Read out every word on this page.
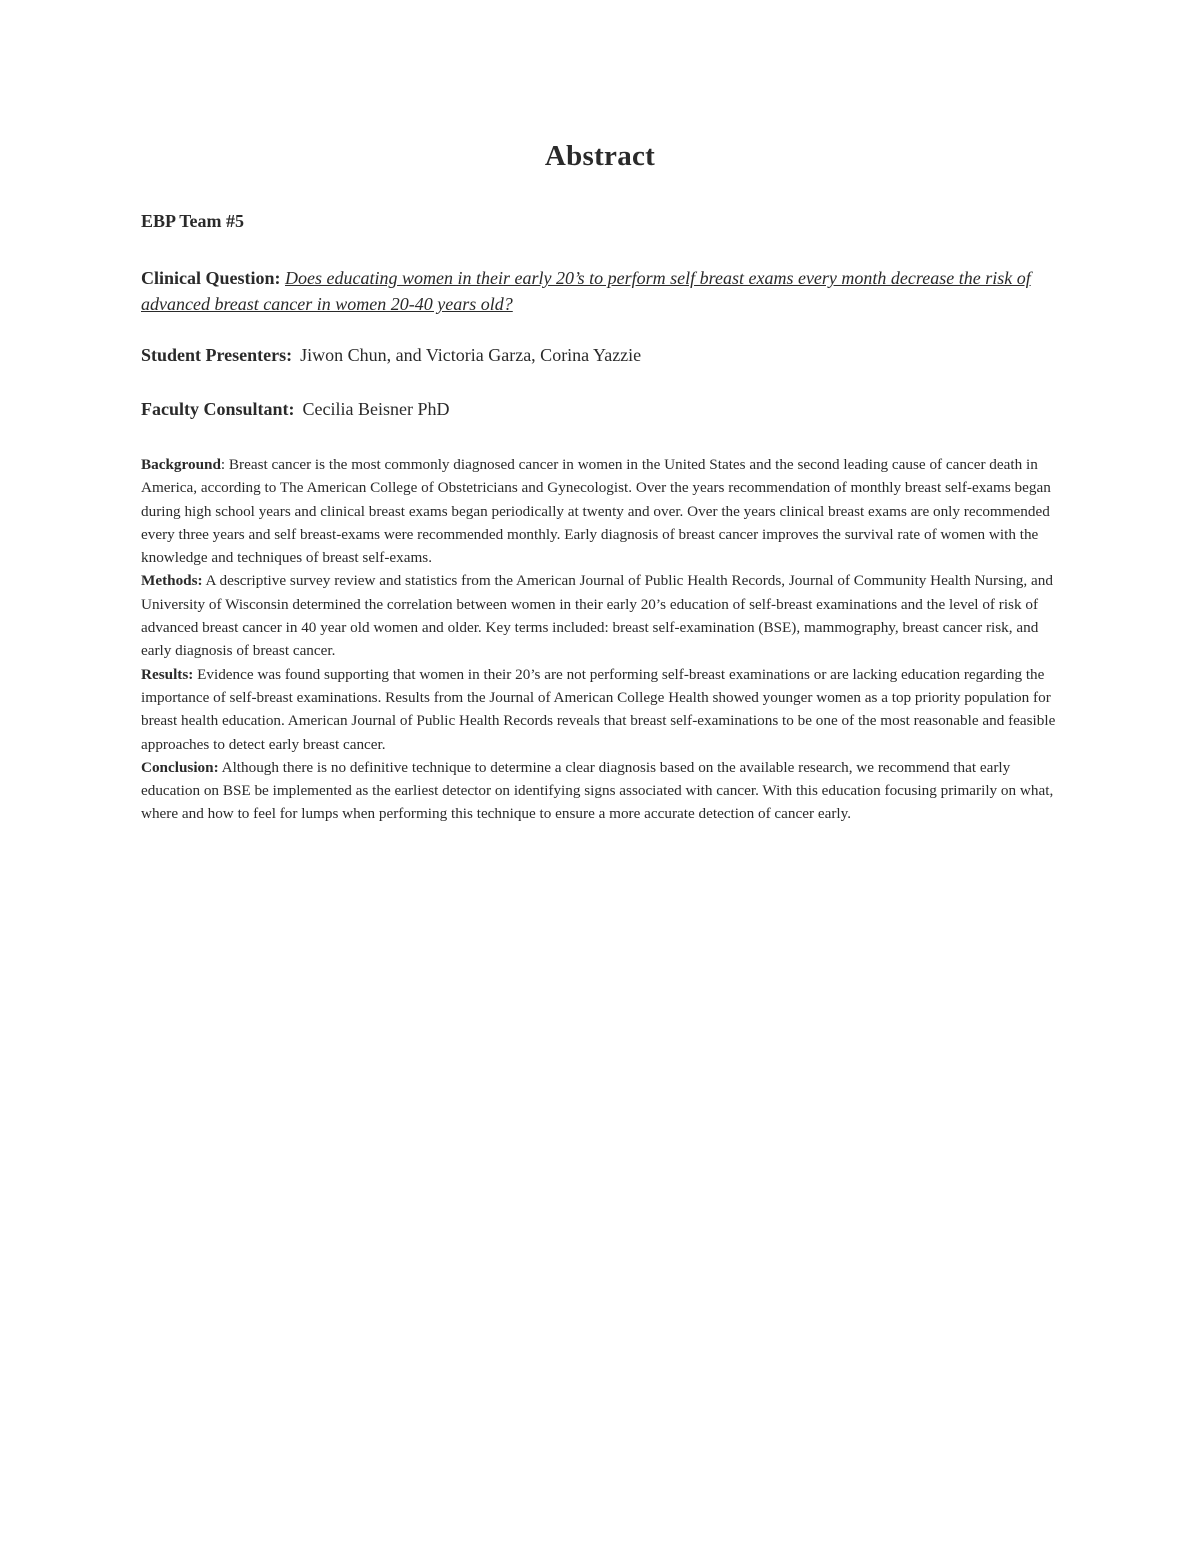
Abstract
EBP Team #5
Clinical Question: Does educating women in their early 20’s to perform self breast exams every month decrease the risk of advanced breast cancer in women 20-40 years old?
Student Presenters: Jiwon Chun, and Victoria Garza, Corina Yazzie
Faculty Consultant: Cecilia Beisner PhD

Background: Breast cancer is the most commonly diagnosed cancer in women in the United States and the second leading cause of cancer death in America, according to The American College of Obstetricians and Gynecologist. Over the years recommendation of monthly breast self-exams began during high school years and clinical breast exams began periodically at twenty and over. Over the years clinical breast exams are only recommended every three years and self breast-exams were recommended monthly. Early diagnosis of breast cancer improves the survival rate of women with the knowledge and techniques of breast self-exams.

Methods: A descriptive survey review and statistics from the American Journal of Public Health Records, Journal of Community Health Nursing, and University of Wisconsin determined the correlation between women in their early 20’s education of self-breast examinations and the level of risk of advanced breast cancer in 40 year old women and older. Key terms included: breast self-examination (BSE), mammography, breast cancer risk, and early diagnosis of breast cancer.

Results: Evidence was found supporting that women in their 20’s are not performing self-breast examinations or are lacking education regarding the importance of self-breast examinations. Results from the Journal of American College Health showed younger women as a top priority population for breast health education. American Journal of Public Health Records reveals that breast self-examinations to be one of the most reasonable and feasible approaches to detect early breast cancer.

Conclusion: Although there is no definitive technique to determine a clear diagnosis based on the available research, we recommend that early education on BSE be implemented as the earliest detector on identifying signs associated with cancer. With this education focusing primarily on what, where and how to feel for lumps when performing this technique to ensure a more accurate detection of cancer early.
